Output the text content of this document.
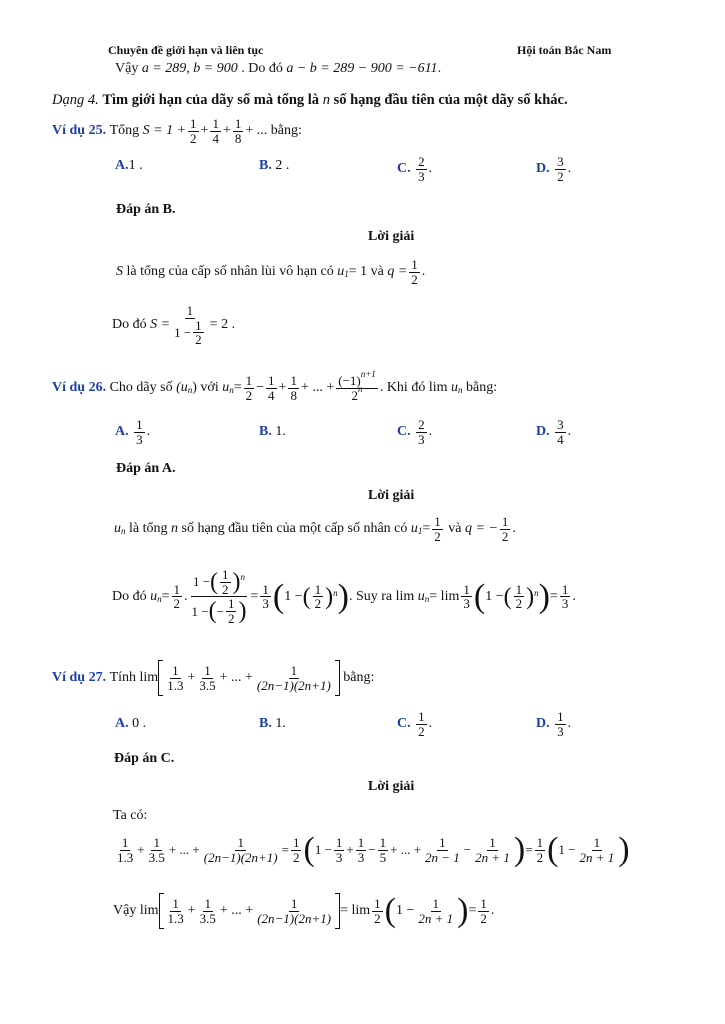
Chuyên đề giới hạn và liên tục	Hội toán Bắc Nam
Vậy a = 289, b = 900 . Do đó a − b = 289 − 900 = −611.
Dạng 4. Tìm giới hạn của dãy số mà tổng là n số hạng đầu tiên của một dãy số khác.
Ví dụ 25.
Tổng
$S = 1 + \frac{1}{2} + \frac{1}{4} + \frac{1}{8}$ + ...
bằng:
A. 1 .	B.
2 .	C.
$\frac{2}{3}$ .	D.
$\frac{3}{2}$ .
Đáp án B.
Lời giải
S
là tổng của cấp số nhân lùi vô hạn có
u 1 = 1
và
$q = \frac{1}{2}$ .
Do đó
$S = \frac{1}{1 - \frac{1}{2}} = 2$ .
Ví dụ 26.
Cho dãy số
(u n )
với
u $n = \frac{1}{2} - \frac{1}{4} + \frac{1}{8}$ + ... + $\frac{(-1)^{n+1}}{2^n}$ . Khi đó lim
u n
bằng:
A.
$\frac{1}{3}$ .	B.
1.	C.
$\frac{2}{3}$ .	D.
$\frac{3}{4}$ .
Đáp án A.
Lời giải
u n
là tổng
n
số hạng đầu tiên của một cấp số nhân có
u $1 = \frac{1}{2}$
và
q = − $\frac{1}{2}$ .
Do đó
u $n = \frac{1}{2}$ . $\frac{1 - ( \frac{1}{2} ) n}{1 - ( - \frac{1}{2} )} = \frac{1}{3}$ ( 1 − ( $\frac{1}{2}$ ) n ) . Suy ra lim
u $n = \lim \frac{1}{3}$ ( 1 − ( $\frac{1}{2}$ ) n ) = $\frac{1}{3}$ .
Ví dụ 27.
Tính $\lim \frac{1}{1.3} + \frac{1}{3.5}$ + ... + $\frac{1}{(2n-1)(2n+1)}$
bằng:
A.
0 .	B.
1.	C.
$\frac{1}{2}$ .	D.
$\frac{1}{3}$ .
Đáp án C.
Lời giải
Ta có:
$\frac{1}{1.3} + \frac{1}{3.5}$ + ... + $\frac{1}{(2n-1)(2n+1)} = \frac{1}{2}$ ( $1 - \frac{1}{3} + \frac{1}{3} - \frac{1}{5}$ + ... + $\frac{1}{2n - 1} - \frac{1}{2n + 1}$ ) = $\frac{1}{2}$ ( $1 - \frac{1}{2n + 1}$ )
Vậy $\lim \frac{1}{1.3} + \frac{1}{3.5}$ + ... + $\frac{1}{(2n-1)(2n+1)} = \lim \frac{1}{2}$ ( $1 - \frac{1}{2n + 1}$ ) = $\frac{1}{2}$ .
